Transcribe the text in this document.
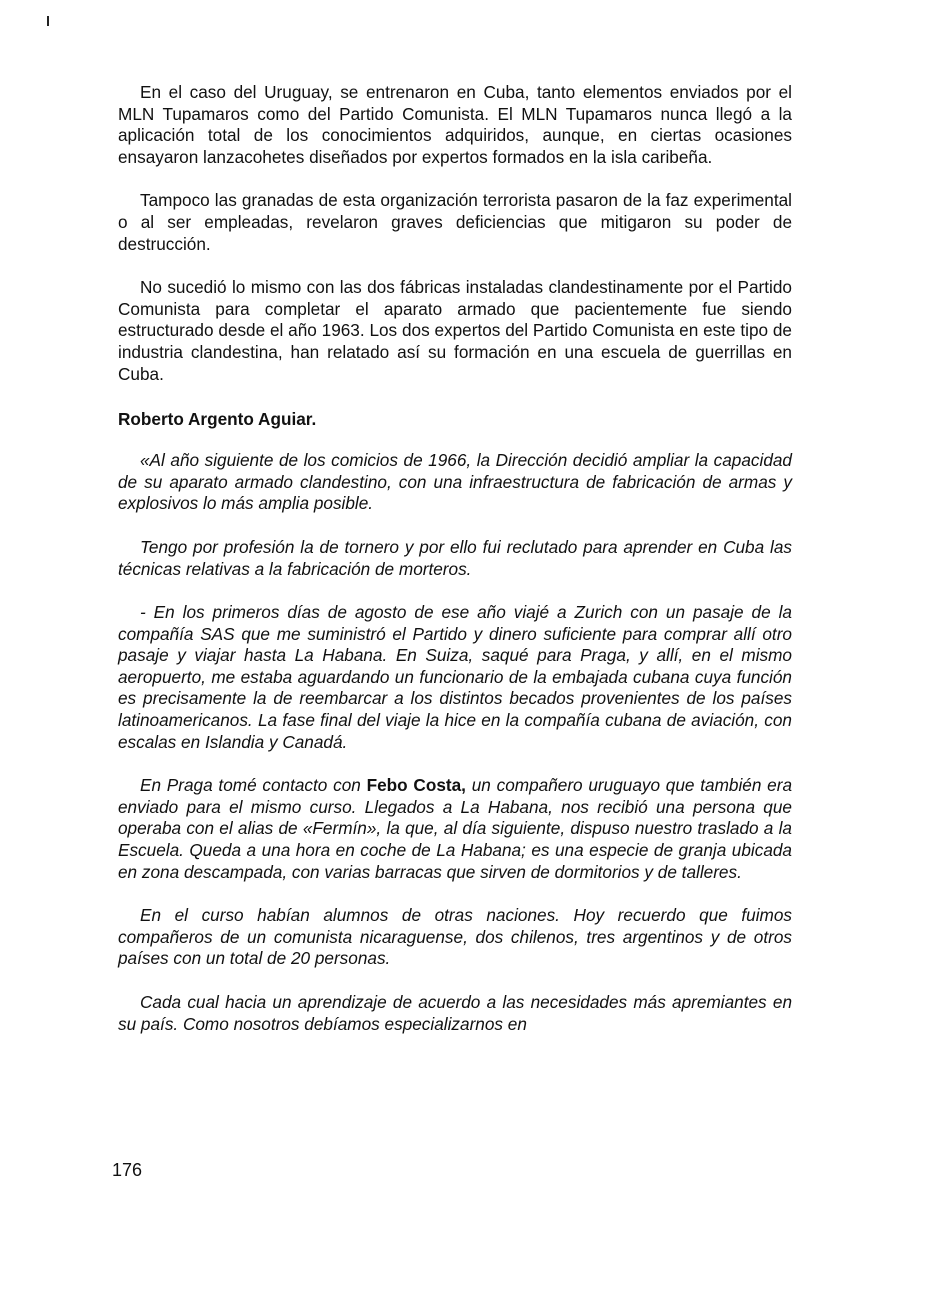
En el caso del Uruguay, se entrenaron en Cuba, tanto elementos enviados por el MLN Tupamaros como del Partido Comunista. El MLN Tupamaros nunca llegó a la aplicación total de los conocimientos adquiridos, aunque, en ciertas ocasiones ensayaron lanzacohetes diseñados por expertos formados en la isla caribeña.

Tampoco las granadas de esta organización terrorista pasaron de la faz experimental o al ser empleadas, revelaron graves deficiencias que mitigaron su poder de destrucción.

No sucedió lo mismo con las dos fábricas instaladas clandestinamente por el Partido Comunista para completar el aparato armado que pacientemente fue siendo estructurado desde el año 1963. Los dos expertos del Partido Comunista en este tipo de industria clandestina, han relatado así su formación en una escuela de guerrillas en Cuba.

Roberto Argento Aguiar.

«Al año siguiente de los comicios de 1966, la Dirección decidió ampliar la capacidad de su aparato armado clandestino, con una infraestructura de fabricación de armas y explosivos lo más amplia posible.

Tengo por profesión la de tornero y por ello fui reclutado para aprender en Cuba las técnicas relativas a la fabricación de morteros.

- En los primeros días de agosto de ese año viajé a Zurich con un pasaje de la compañía SAS que me suministró el Partido y dinero suficiente para comprar allí otro pasaje y viajar hasta La Habana. En Suiza, saqué para Praga, y allí, en el mismo aeropuerto, me estaba aguardando un funcionario de la embajada cubana cuya función es precisamente la de reembarcar a los distintos becados provenientes de los países latinoamericanos. La fase final del viaje la hice en la compañía cubana de aviación, con escalas en Islandia y Canadá.

En Praga tomé contacto con Febo Costa, un compañero uruguayo que también era enviado para el mismo curso. Llegados a La Habana, nos recibió una persona que operaba con el alias de «Fermín», la que, al día siguiente, dispuso nuestro traslado a la Escuela. Queda a una hora en coche de La Habana; es una especie de granja ubicada en zona descampada, con varias barracas que sirven de dormitorios y de talleres.

En el curso habían alumnos de otras naciones. Hoy recuerdo que fuimos compañeros de un comunista nicaraguense, dos chilenos, tres argentinos y de otros países con un total de 20 personas.

Cada cual hacia un aprendizaje de acuerdo a las necesidades más apremiantes en su país. Como nosotros debíamos especializarnos en

176
